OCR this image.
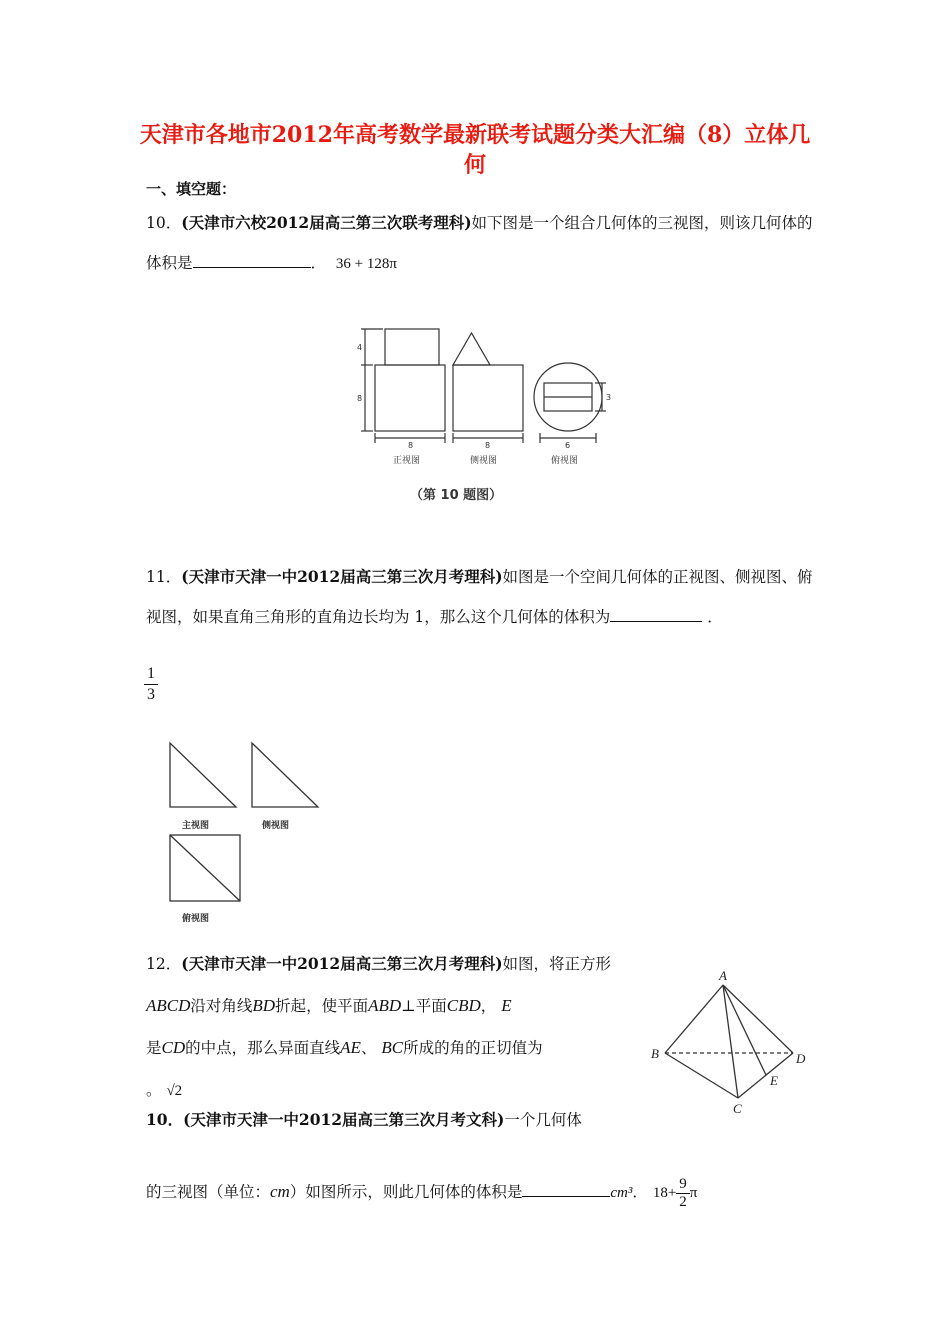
天津市各地市2012年高考数学最新联考试题分类大汇编（8）立体几何
一、填空题：
10．(天津市六校2012届高三第三次联考理科)如下图是一个组合几何体的三视图，则该几何体的体积是	． 36 + 128π
4
8
8	8	6
3
正视图	侧视图	俯视图
（第 10 题图）
11．(天津市天津一中2012届高三第三次月考理科)如图是一个空间几何体的正视图、侧视图、俯视图，如果直角三角形的直角边长均为 1，那么这个几何体的体积为	．
$\frac{1}{3}$
主视图	侧视图
俯视图
12．(天津市天津一中2012届高三第三次月考理科)如图，将正方形ABCD沿对角线BD折起，使平面ABD⊥平面CBD， E
是CD的中点，那么异面直线AE、 BC所成的角的正切值为
。 √2
A
B
C
D
E
10．(天津市天津一中2012届高三第三次月考文科)一个几何体
的三视图（单位：cm）如图所示，则此几何体的体积是	cm³． $18+ \frac{9}{2}$ π
